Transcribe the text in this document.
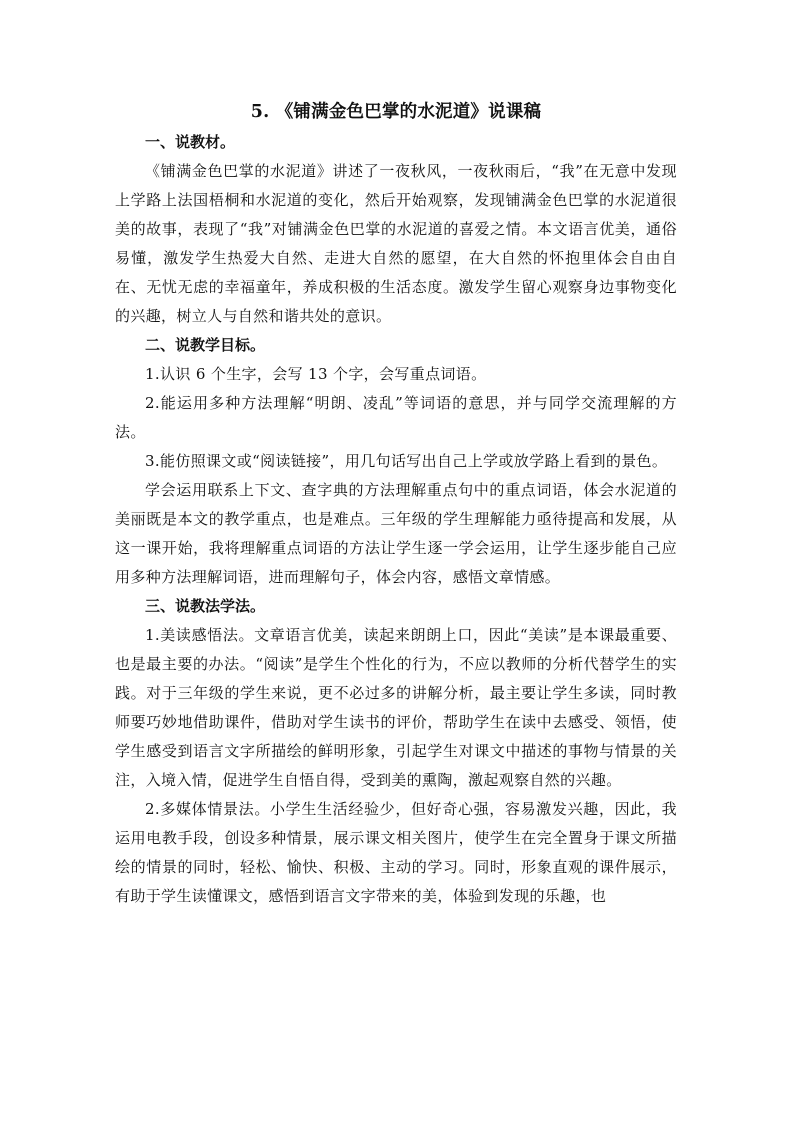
5. 《铺满金色巴掌的水泥道》说课稿
一、说教材。

《铺满金色巴掌的水泥道》讲述了一夜秋风，一夜秋雨后，“我”在无意中发现上学路上法国梧桐和水泥道的变化，然后开始观察，发现铺满金色巴掌的水泥道很美的故事，表现了“我”对铺满金色巴掌的水泥道的喜爱之情。本文语言优美，通俗易懂，激发学生热爱大自然、走进大自然的愿望，在大自然的怀抱里体会自由自在、无忧无虑的幸福童年，养成积极的生活态度。激发学生留心观察身边事物变化的兴趣，树立人与自然和谐共处的意识。

二、说教学目标。

1.认识 6 个生字，会写 13 个字，会写重点词语。

2.能运用多种方法理解“明朗、凌乱”等词语的意思，并与同学交流理解的方法。

3.能仿照课文或“阅读链接”，用几句话写出自己上学或放学路上看到的景色。

学会运用联系上下文、查字典的方法理解重点句中的重点词语，体会水泥道的美丽既是本文的教学重点，也是难点。三年级的学生理解能力亟待提高和发展，从这一课开始，我将理解重点词语的方法让学生逐一学会运用，让学生逐步能自己应用多种方法理解词语，进而理解句子，体会内容，感悟文章情感。

三、说教法学法。

1.美读感悟法。文章语言优美，读起来朗朗上口，因此“美读”是本课最重要、也是最主要的办法。“阅读”是学生个性化的行为，不应以教师的分析代替学生的实践。对于三年级的学生来说，更不必过多的讲解分析，最主要让学生多读，同时教师要巧妙地借助课件，借助对学生读书的评价，帮助学生在读中去感受、领悟，使学生感受到语言文字所描绘的鲜明形象，引起学生对课文中描述的事物与情景的关注，入境入情，促进学生自悟自得，受到美的熏陶，激起观察自然的兴趣。

2.多媒体情景法。小学生生活经验少，但好奇心强，容易激发兴趣，因此，我运用电教手段，创设多种情景，展示课文相关图片，使学生在完全置身于课文所描绘的情景的同时，轻松、愉快、积极、主动的学习。同时，形象直观的课件展示，有助于学生读懂课文，感悟到语言文字带来的美，体验到发现的乐趣，也
